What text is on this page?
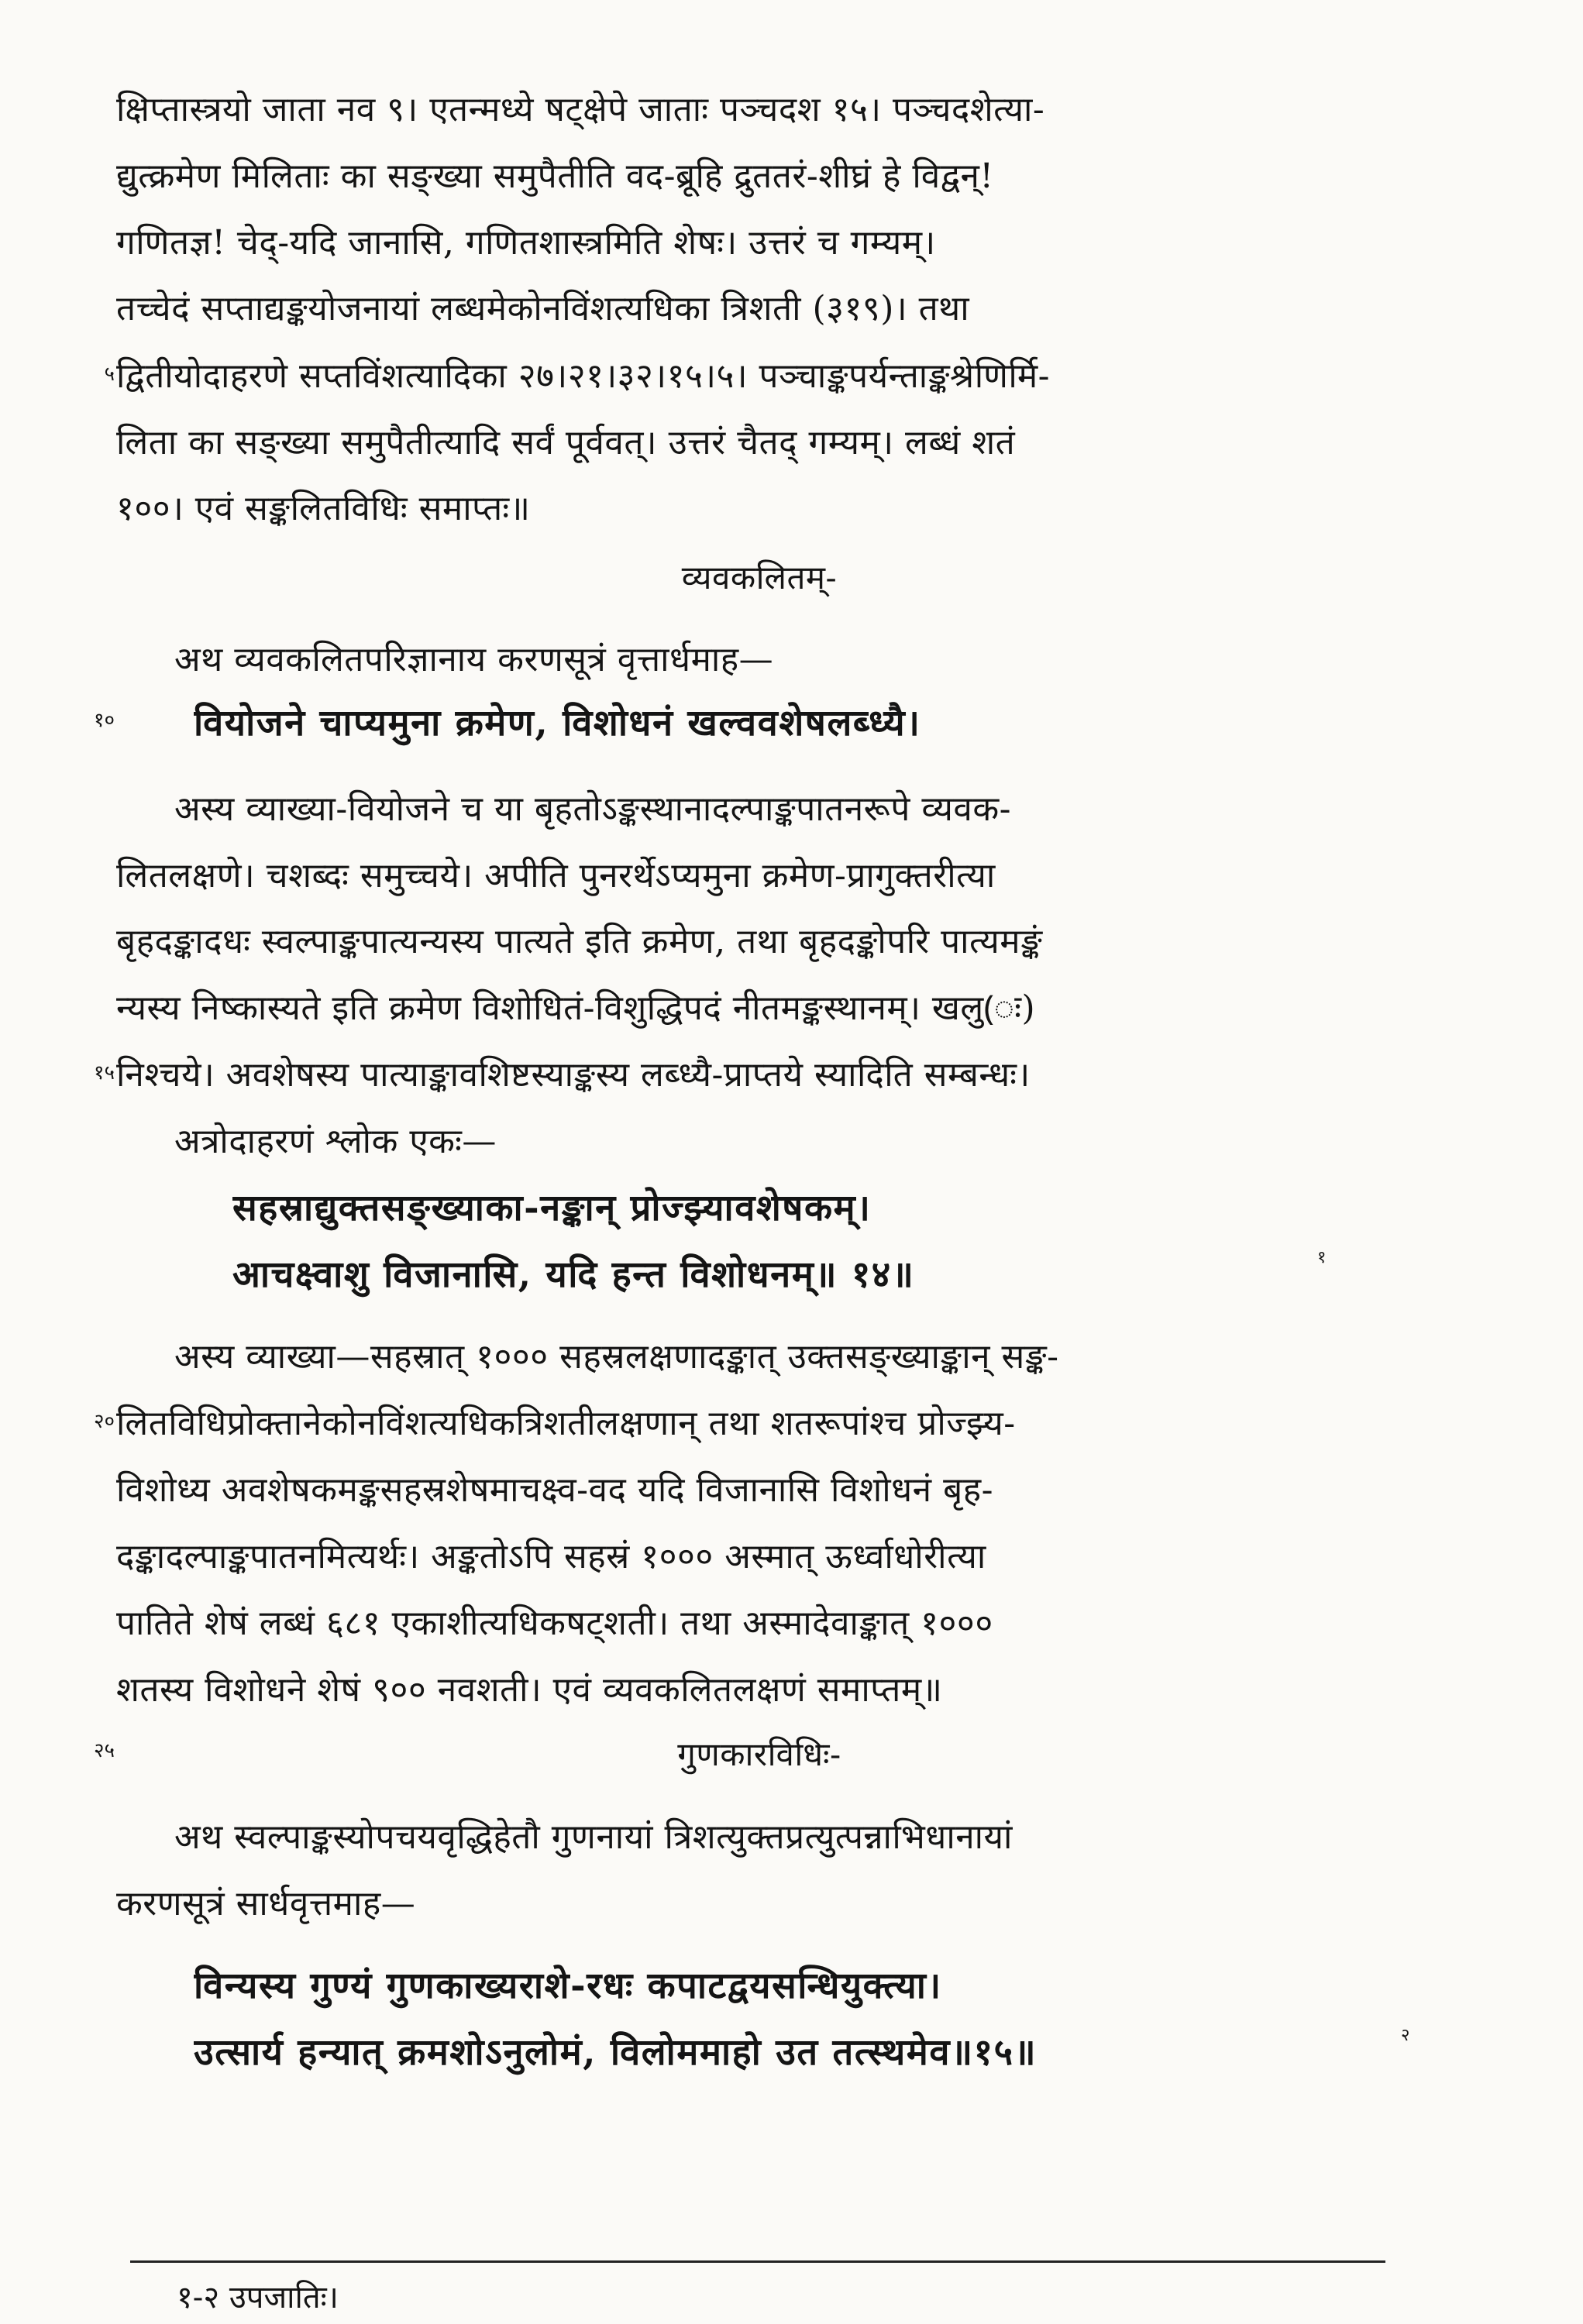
क्षिप्तास्त्रयो जाता नव ९। एतन्मध्ये षट्क्षेपे जाताः पञ्चदश १५। पञ्चदशेत्या-
द्युत्क्रमेण मिलिताः का सङ्ख्या समुपैतीति वद-ब्रूहि द्रुततरं-शीघ्रं हे विद्वन्!
गणितज्ञ! चेद्-यदि जानासि, गणितशास्त्रमिति शेषः। उत्तरं च गम्यम्।
तच्चेदं सप्ताद्यङ्कयोजनायां लब्धमेकोनविंशत्यधिका त्रिशती (३१९)। तथा
५ द्वितीयोदाहरणे सप्तविंशत्यादिका २७।२१।३२।१५।५। पञ्चाङ्कपर्यन्ताङ्कश्रेणिर्मि-
लिता का सङ्ख्या समुपैतीत्यादि सर्वं पूर्ववत्। उत्तरं चैतद् गम्यम्। लब्धं शतं
१००। एवं सङ्कलितविधिः समाप्तः॥
व्यवकलितम्-
अथ व्यवकलितपरिज्ञानाय करणसूत्रं वृत्तार्धमाह—
१० वियोजने चाप्यमुना क्रमेण, विशोधनं खल्ववशेषलब्ध्यै।
अस्य व्याख्या-वियोजने च या बृहतोऽङ्कस्थानादल्पाङ्कपातनरूपे व्यवक-
लितलक्षणे। चशब्दः समुच्चये। अपीति पुनरर्थेऽप्यमुना क्रमेण-प्रागुक्तरीत्या
बृहदङ्कादधः स्वल्पाङ्कपात्यन्यस्य पात्यते इति क्रमेण, तथा बृहदङ्कोपरि पात्यमङ्कं
न्यस्य निष्कास्यते इति क्रमेण विशोधितं-विशुद्धिपदं नीतमङ्कस्थानम्। खलु(ः)
१५ निश्चये। अवशेषस्य पात्याङ्कावशिष्टस्याङ्कस्य लब्ध्यै-प्राप्तये स्यादिति सम्बन्धः।
अत्रोदाहरणं श्लोक एकः—
सहस्राद्युक्तसङ्ख्याका-नङ्कान् प्रोज्झ्यावशेषकम्।
आचक्ष्वाशु विजानासि, यदि हन्त विशोधनम्॥ १४॥	१
अस्य व्याख्या—सहस्रात् १००० सहस्रलक्षणादङ्कात् उक्तसङ्ख्याङ्कान् सङ्क-
२० लितविधिप्रोक्तानेकोनविंशत्यधिकत्रिशतीलक्षणान् तथा शतरूपांश्च प्रोज्झ्य-
विशोध्य अवशेषकमङ्कसहस्रशेषमाचक्ष्व-वद यदि विजानासि विशोधनं बृह-
दङ्कादल्पाङ्कपातनमित्यर्थः। अङ्कतोऽपि सहस्रं १००० अस्मात् ऊर्ध्वाधोरीत्या
पातिते शेषं लब्धं ६८१ एकाशीत्यधिकषट्शती। तथा अस्मादेवाङ्कात् १०००
शतस्य विशोधने शेषं ९०० नवशती। एवं व्यवकलितलक्षणं समाप्तम्॥
२५	गुणकारविधिः-
अथ स्वल्पाङ्कस्योपचयवृद्धिहेतौ गुणनायां त्रिशत्युक्तप्रत्युत्पन्नाभिधानायां
करणसूत्रं सार्धवृत्तमाह—
विन्यस्य गुण्यं गुणकाख्यराशे-रधः कपाटद्वयसन्धियुक्त्या।
उत्सार्य हन्यात् क्रमशोऽनुलोमं, विलोममाहो उत तत्स्थमेव॥१५॥	२
१-२ उपजातिः।
